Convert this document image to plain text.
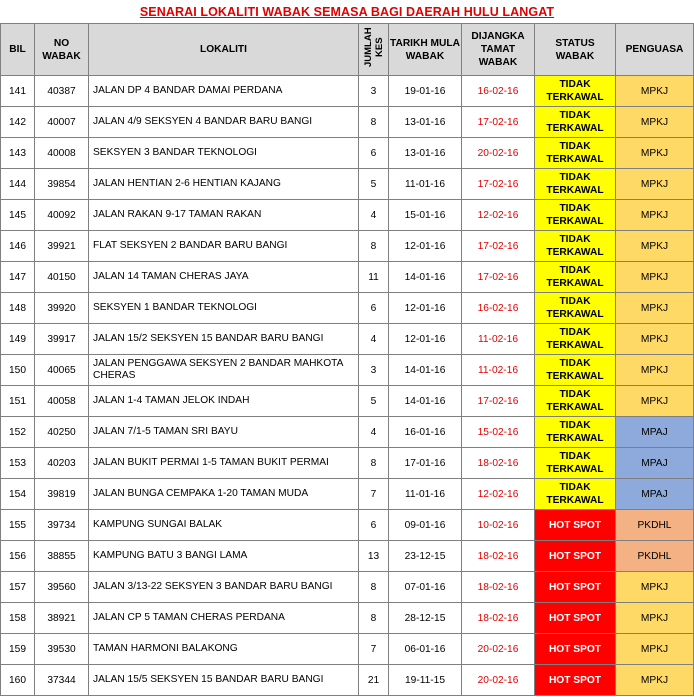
SENARAI LOKALITI WABAK SEMASA BAGI DAERAH HULU LANGAT
BIL	NO WABAK	LOKALITI	JUMLAH KES	TARIKH MULA WABAK	DIJANGKA TAMAT WABAK	STATUS WABAK	PENGUASA
141	40387	JALAN DP 4 BANDAR DAMAI PERDANA	3	19-01-16	16-02-16	TIDAK TERKAWAL	MPKJ
142	40007	JALAN 4/9 SEKSYEN 4 BANDAR BARU BANGI	8	13-01-16	17-02-16	TIDAK TERKAWAL	MPKJ
143	40008	SEKSYEN 3 BANDAR TEKNOLOGI	6	13-01-16	20-02-16	TIDAK TERKAWAL	MPKJ
144	39854	JALAN HENTIAN 2-6 HENTIAN KAJANG	5	11-01-16	17-02-16	TIDAK TERKAWAL	MPKJ
145	40092	JALAN RAKAN 9-17 TAMAN RAKAN	4	15-01-16	12-02-16	TIDAK TERKAWAL	MPKJ
146	39921	FLAT SEKSYEN 2 BANDAR BARU BANGI	8	12-01-16	17-02-16	TIDAK TERKAWAL	MPKJ
147	40150	JALAN 14 TAMAN CHERAS JAYA	11	14-01-16	17-02-16	TIDAK TERKAWAL	MPKJ
148	39920	SEKSYEN 1 BANDAR TEKNOLOGI	6	12-01-16	16-02-16	TIDAK TERKAWAL	MPKJ
149	39917	JALAN 15/2 SEKSYEN 15 BANDAR BARU BANGI	4	12-01-16	11-02-16	TIDAK TERKAWAL	MPKJ
150	40065	JALAN PENGGAWA SEKSYEN 2 BANDAR MAHKOTA CHERAS	3	14-01-16	11-02-16	TIDAK TERKAWAL	MPKJ
151	40058	JALAN 1-4 TAMAN JELOK INDAH	5	14-01-16	17-02-16	TIDAK TERKAWAL	MPKJ
152	40250	JALAN 7/1-5 TAMAN SRI BAYU	4	16-01-16	15-02-16	TIDAK TERKAWAL	MPAJ
153	40203	JALAN BUKIT PERMAI 1-5 TAMAN BUKIT PERMAI	8	17-01-16	18-02-16	TIDAK TERKAWAL	MPAJ
154	39819	JALAN BUNGA CEMPAKA 1-20 TAMAN MUDA	7	11-01-16	12-02-16	TIDAK TERKAWAL	MPAJ
155	39734	KAMPUNG SUNGAI BALAK	6	09-01-16	10-02-16	HOT SPOT	PKDHL
156	38855	KAMPUNG BATU 3 BANGI LAMA	13	23-12-15	18-02-16	HOT SPOT	PKDHL
157	39560	JALAN 3/13-22 SEKSYEN 3 BANDAR BARU BANGI	8	07-01-16	18-02-16	HOT SPOT	MPKJ
158	38921	JALAN CP 5 TAMAN CHERAS PERDANA	8	28-12-15	18-02-16	HOT SPOT	MPKJ
159	39530	TAMAN HARMONI BALAKONG	7	06-01-16	20-02-16	HOT SPOT	MPKJ
160	37344	JALAN 15/5 SEKSYEN 15 BANDAR BARU BANGI	21	19-11-15	20-02-16	HOT SPOT	MPKJ
